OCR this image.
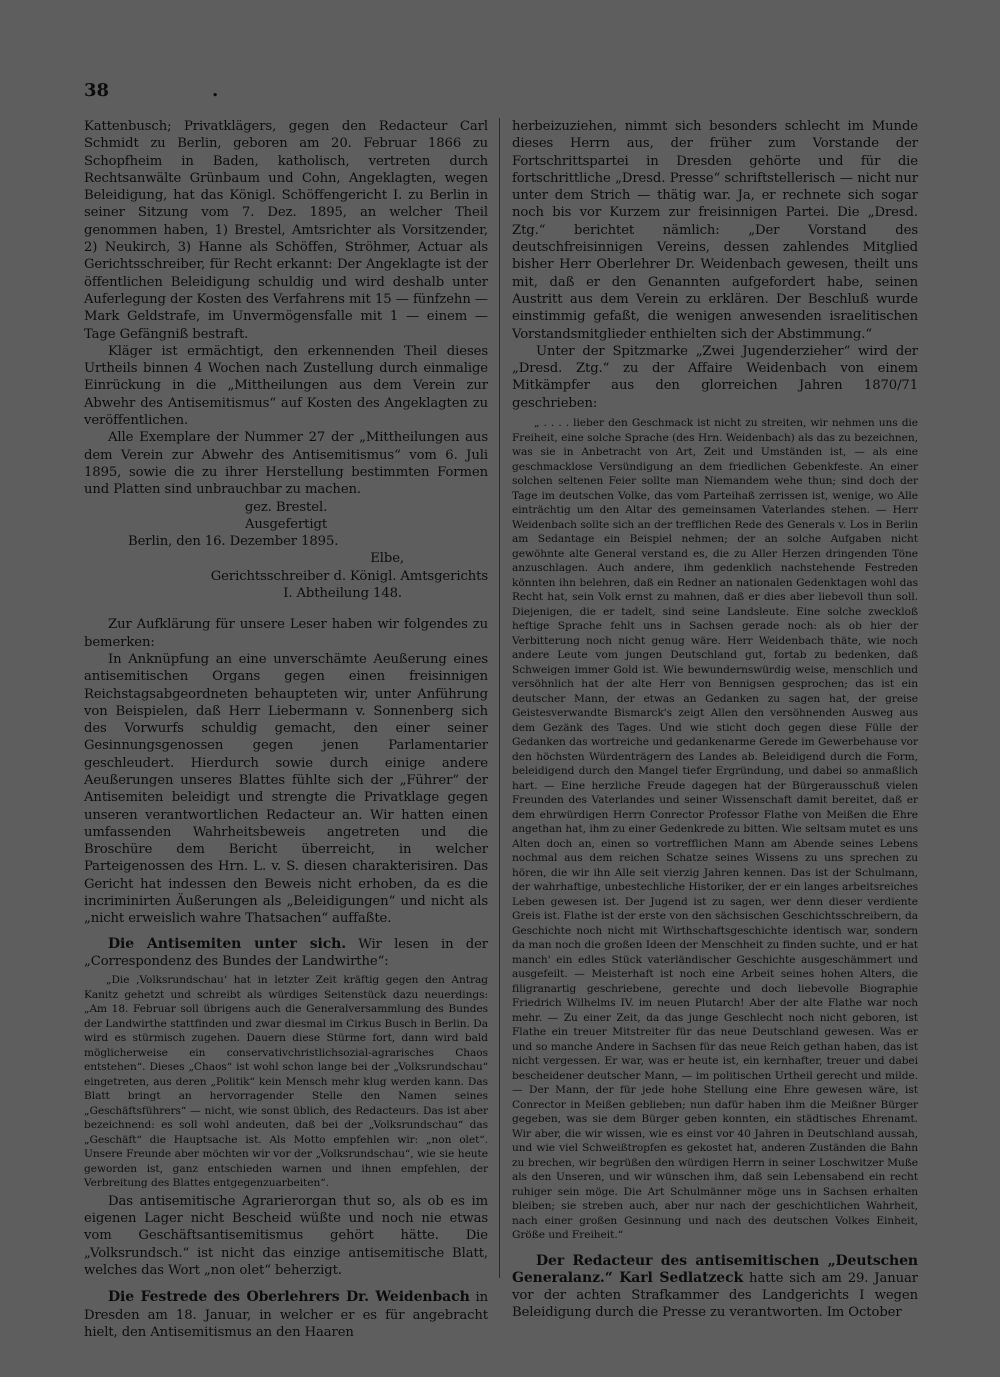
38	.

Kattenbusch; Privatklägers, gegen den Redacteur Carl Schmidt zu Berlin, geboren am 20. Februar 1866 zu Schopfheim in Baden, katholisch, vertreten durch Rechtsanwälte Grünbaum und Cohn, Angeklagten, wegen Beleidigung, hat das Königl. Schöffengericht I. zu Berlin in seiner Sitzung vom 7. Dez. 1895, an welcher Theil genommen haben, 1) Brestel, Amtsrichter als Vorsitzender, 2) Neukirch, 3) Hanne als Schöffen, Ströhmer, Actuar als Gerichtsschreiber, für Recht erkannt: Der Angeklagte ist der öffentlichen Beleidigung schuldig und wird deshalb unter Auferlegung der Kosten des Verfahrens mit 15 — fünfzehn — Mark Geldstrafe, im Unvermögensfalle mit 1 — einem — Tage Gefängniß bestraft.

Kläger ist ermächtigt, den erkennenden Theil dieses Urtheils binnen 4 Wochen nach Zustellung durch einmalige Einrückung in die „Mittheilungen aus dem Verein zur Abwehr des Antisemitismus“ auf Kosten des Angeklagten zu veröffentlichen.

Alle Exemplare der Nummer 27 der „Mittheilungen aus dem Verein zur Abwehr des Antisemitismus“ vom 6. Juli 1895, sowie die zu ihrer Herstellung bestimmten Formen und Platten sind unbrauchbar zu machen.

gez. Brestel.

Ausgefertigt

Berlin, den 16. Dezember 1895.

Elbe,

Gerichtsschreiber d. Königl. Amtsgerichts

I. Abtheilung 148.

Zur Aufklärung für unsere Leser haben wir folgendes zu bemerken:

In Anknüpfung an eine unverschämte Aeußerung eines antisemitischen Organs gegen einen freisinnigen Reichstagsabgeordneten behaupteten wir, unter Anführung von Beispielen, daß Herr Liebermann v. Sonnenberg sich des Vorwurfs schuldig gemacht, den einer seiner Gesinnungsgenossen gegen jenen Parlamentarier geschleudert. Hierdurch sowie durch einige andere Aeußerungen unseres Blattes fühlte sich der „Führer“ der Antisemiten beleidigt und strengte die Privatklage gegen unseren verantwortlichen Redacteur an. Wir hatten einen umfassenden Wahrheitsbeweis angetreten und die Broschüre dem Bericht überreicht, in welcher Parteigenossen des Hrn. L. v. S. diesen charakterisiren. Das Gericht hat indessen den Beweis nicht erhoben, da es die incriminirten Äußerungen als „Beleidigungen“ und nicht als „nicht erweislich wahre Thatsachen“ auffaßte.

Die Antisemiten unter sich. Wir lesen in der „Correspondenz des Bundes der Landwirthe“:

„Die ‚Volksrundschau‘ hat in letzter Zeit kräftig gegen den Antrag Kanitz gehetzt und schreibt als würdiges Seitenstück dazu neuerdings: „Am 18. Februar soll übrigens auch die Generalversammlung des Bundes der Landwirthe stattfinden und zwar diesmal im Cirkus Busch in Berlin. Da wird es stürmisch zugehen. Dauern diese Stürme fort, dann wird bald möglicherweise ein conservativchristlichsozial-agrarisches Chaos entstehen“. Dieses „Chaos“ ist wohl schon lange bei der „Volksrundschau“ eingetreten, aus deren „Politik“ kein Mensch mehr klug werden kann. Das Blatt bringt an hervorragender Stelle den Namen seines „Geschäftsführers“ — nicht, wie sonst üblich, des Redacteurs. Das ist aber bezeichnend: es soll wohl andeuten, daß bei der „Volksrundschau“ das „Geschäft“ die Hauptsache ist. Als Motto empfehlen wir: „non olet“. Unsere Freunde aber möchten wir vor der „Volksrundschau“, wie sie heute geworden ist, ganz entschieden warnen und ihnen empfehlen, der Verbreitung des Blattes entgegenzuarbeiten“.

Das antisemitische Agrarierorgan thut so, als ob es im eigenen Lager nicht Bescheid wüßte und noch nie etwas vom Geschäftsantisemitismus gehört hätte. Die „Volksrundsch.“ ist nicht das einzige antisemitische Blatt, welches das Wort „non olet“ beherzigt.

Die Festrede des Oberlehrers Dr. Weidenbach in Dresden am 18. Januar, in welcher er es für angebracht hielt, den Antisemitismus an den Haaren

herbeizuziehen, nimmt sich besonders schlecht im Munde dieses Herrn aus, der früher zum Vorstande der Fortschrittspartei in Dresden gehörte und für die fortschrittliche „Dresd. Presse“ schriftstellerisch — nicht nur unter dem Strich — thätig war. Ja, er rechnete sich sogar noch bis vor Kurzem zur freisinnigen Partei. Die „Dresd. Ztg.“ berichtet nämlich: „Der Vorstand des deutschfreisinnigen Vereins, dessen zahlendes Mitglied bisher Herr Oberlehrer Dr. Weidenbach gewesen, theilt uns mit, daß er den Genannten aufgefordert habe, seinen Austritt aus dem Verein zu erklären. Der Beschluß wurde einstimmig gefaßt, die wenigen anwesenden israelitischen Vorstandsmitglieder enthielten sich der Abstimmung.“

Unter der Spitzmarke „Zwei Jugenderzieher“ wird der „Dresd. Ztg.“ zu der Affaire Weidenbach von einem Mitkämpfer aus den glorreichen Jahren 1870/71 geschrieben:

„ . . . . lieber den Geschmack ist nicht zu streiten, wir nehmen uns die Freiheit, eine solche Sprache (des Hrn. Weidenbach) als das zu bezeichnen, was sie in Anbetracht von Art, Zeit und Umständen ist, — als eine geschmacklose Versündigung an dem friedlichen Gebenkfeste. An einer solchen seltenen Feier sollte man Niemandem wehe thun; sind doch der Tage im deutschen Volke, das vom Parteihaß zerrissen ist, wenige, wo Alle einträchtig um den Altar des gemeinsamen Vaterlandes stehen. — Herr Weidenbach sollte sich an der trefflichen Rede des Generals v. Los in Berlin am Sedantage ein Beispiel nehmen; der an solche Aufgaben nicht gewöhnte alte General verstand es, die zu Aller Herzen dringenden Töne anzuschlagen. Auch andere, ihm gedenklich nachstehende Festreden könnten ihn belehren, daß ein Redner an nationalen Gedenktagen wohl das Recht hat, sein Volk ernst zu mahnen, daß er dies aber liebevoll thun soll. Diejenigen, die er tadelt, sind seine Landsleute. Eine solche zweckloß heftige Sprache fehlt uns in Sachsen gerade noch: als ob hier der Verbitterung noch nicht genug wäre. Herr Weidenbach thäte, wie noch andere Leute vom jungen Deutschland gut, fortab zu bedenken, daß Schweigen immer Gold ist. Wie bewundernswürdig weise, menschlich und versöhnlich hat der alte Herr von Bennigsen gesprochen; das ist ein deutscher Mann, der etwas an Gedanken zu sagen hat, der greise Geistesverwandte Bismarck's zeigt Allen den versöhnenden Ausweg aus dem Gezänk des Tages. Und wie sticht doch gegen diese Fülle der Gedanken das wortreiche und gedankenarme Gerede im Gewerbehause vor den höchsten Würdenträgern des Landes ab. Beleidigend durch die Form, beleidigend durch den Mangel tiefer Ergründung, und dabei so anmaßlich hart. — Eine herzliche Freude dagegen hat der Bürgerausschuß vielen Freunden des Vaterlandes und seiner Wissenschaft damit bereitet, daß er dem ehrwürdigen Herrn Conrector Professor Flathe von Meißen die Ehre angethan hat, ihm zu einer Gedenkrede zu bitten. Wie seltsam mutet es uns Alten doch an, einen so vortrefflichen Mann am Abende seines Lebens nochmal aus dem reichen Schatze seines Wissens zu uns sprechen zu hören, die wir ihn Alle seit vierzig Jahren kennen. Das ist der Schulmann, der wahrhaftige, unbestechliche Historiker, der er ein langes arbeitsreiches Leben gewesen ist. Der Jugend ist zu sagen, wer denn dieser verdiente Greis ist. Flathe ist der erste von den sächsischen Geschichtsschreibern, da Geschichte noch nicht mit Wirthschaftsgeschichte identisch war, sondern da man noch die großen Ideen der Menschheit zu finden suchte, und er hat manch' ein edles Stück vaterländischer Geschichte ausgeschämmert und ausgefeilt. — Meisterhaft ist noch eine Arbeit seines hohen Alters, die filigranartig geschriebene, gerechte und doch liebevolle Biographie Friedrich Wilhelms IV. im neuen Plutarch! Aber der alte Flathe war noch mehr. — Zu einer Zeit, da das junge Geschlecht noch nicht geboren, ist Flathe ein treuer Mitstreiter für das neue Deutschland gewesen. Was er und so manche Andere in Sachsen für das neue Reich gethan haben, das ist nicht vergessen. Er war, was er heute ist, ein kernhafter, treuer und dabei bescheidener deutscher Mann, — im politischen Urtheil gerecht und milde. — Der Mann, der für jede hohe Stellung eine Ehre gewesen wäre, ist Conrector in Meißen geblieben; nun dafür haben ihm die Meißner Bürger gegeben, was sie dem Bürger geben konnten, ein städtisches Ehrenamt. Wir aber, die wir wissen, wie es einst vor 40 Jahren in Deutschland aussah, und wie viel Schweißtropfen es gekostet hat, anderen Zuständen die Bahn zu brechen, wir begrüßen den würdigen Herrn in seiner Loschwitzer Muße als den Unseren, und wir wünschen ihm, daß sein Lebensabend ein recht ruhiger sein möge. Die Art Schulmänner möge uns in Sachsen erhalten bleiben; sie streben auch, aber nur nach der geschichtlichen Wahrheit, nach einer großen Gesinnung und nach des deutschen Volkes Einheit, Größe und Freiheit.“

Der Redacteur des antisemitischen „Deutschen Generalanz.“ Karl Sedlatzeck hatte sich am 29. Januar vor der achten Strafkammer des Landgerichts I wegen Beleidigung durch die Presse zu verantworten. Im October
